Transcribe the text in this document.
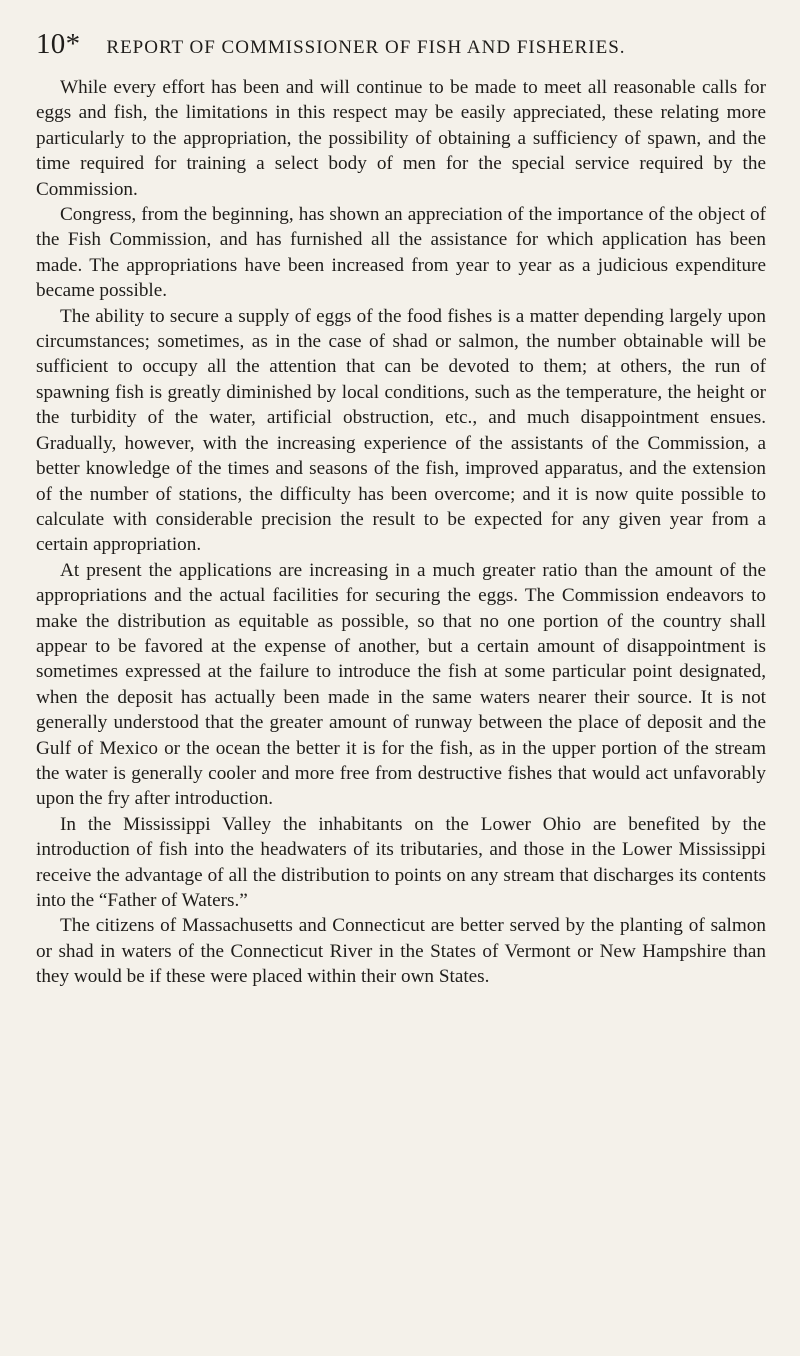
10* REPORT OF COMMISSIONER OF FISH AND FISHERIES.

While every effort has been and will continue to be made to meet all reasonable calls for eggs and fish, the limitations in this respect may be easily appreciated, these relating more particularly to the appropriation, the possibility of obtaining a sufficiency of spawn, and the time required for training a select body of men for the special service required by the Commission.

Congress, from the beginning, has shown an appreciation of the importance of the object of the Fish Commission, and has furnished all the assistance for which application has been made. The appropriations have been increased from year to year as a judicious expenditure became possible.

The ability to secure a supply of eggs of the food fishes is a matter depending largely upon circumstances; sometimes, as in the case of shad or salmon, the number obtainable will be sufficient to occupy all the attention that can be devoted to them; at others, the run of spawning fish is greatly diminished by local conditions, such as the temperature, the height or the turbidity of the water, artificial obstruction, etc., and much disappointment ensues. Gradually, however, with the increasing experience of the assistants of the Commission, a better knowledge of the times and seasons of the fish, improved apparatus, and the extension of the number of stations, the difficulty has been overcome; and it is now quite possible to calculate with considerable precision the result to be expected for any given year from a certain appropriation.

At present the applications are increasing in a much greater ratio than the amount of the appropriations and the actual facilities for securing the eggs. The Commission endeavors to make the distribution as equitable as possible, so that no one portion of the country shall appear to be favored at the expense of another, but a certain amount of disappointment is sometimes expressed at the failure to introduce the fish at some particular point designated, when the deposit has actually been made in the same waters nearer their source. It is not generally understood that the greater amount of runway between the place of deposit and the Gulf of Mexico or the ocean the better it is for the fish, as in the upper portion of the stream the water is generally cooler and more free from destructive fishes that would act unfavorably upon the fry after introduction.

In the Mississippi Valley the inhabitants on the Lower Ohio are benefited by the introduction of fish into the headwaters of its tributaries, and those in the Lower Mississippi receive the advantage of all the distribution to points on any stream that discharges its contents into the “Father of Waters.”

The citizens of Massachusetts and Connecticut are better served by the planting of salmon or shad in waters of the Connecticut River in the States of Vermont or New Hampshire than they would be if these were placed within their own States.
